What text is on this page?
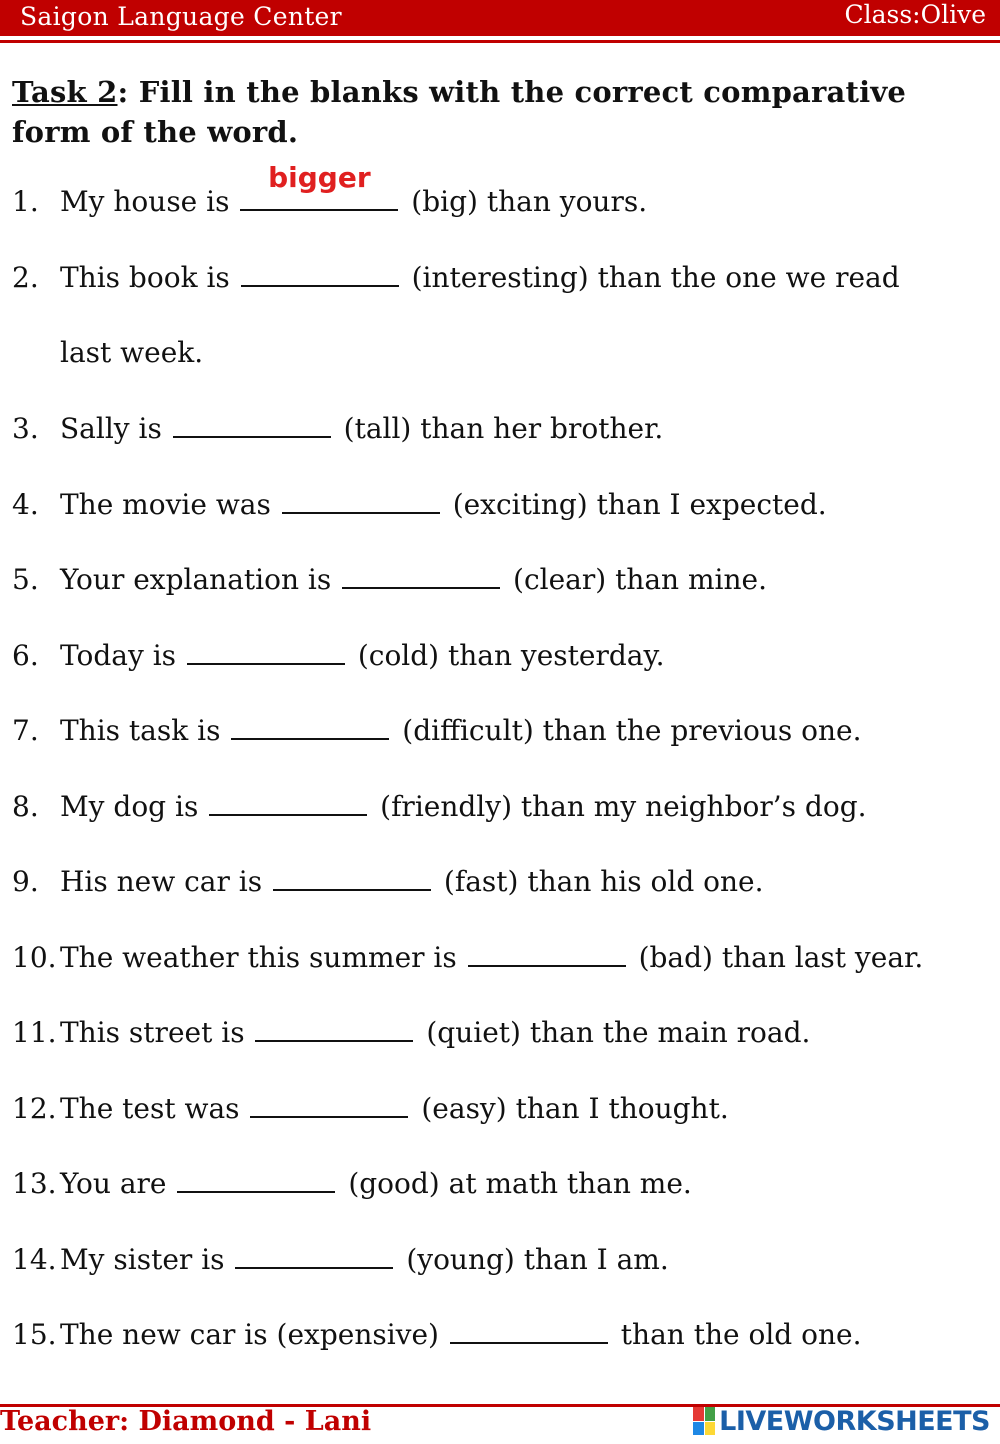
Saigon Language Center	Class:Olive
Task 2: Fill in the blanks with the correct comparative form of the word.
1. My house is
bigger
(big) than yours.
2. This book is	(interesting) than the one we read
last week.
3. Sally is	(tall) than her brother.
4. The movie was	(exciting) than I expected.
5. Your explanation is	(clear) than mine.
6. Today is	(cold) than yesterday.
7. This task is	(difficult) than the previous one.
8. My dog is	(friendly) than my neighbor’s dog.
9. His new car is	(fast) than his old one.
10. The weather this summer is	(bad) than last year.
11. This street is	(quiet) than the main road.
12. The test was	(easy) than I thought.
13. You are	(good) at math than me.
14. My sister is	(young) than I am.
15. The new car is (expensive)	than the old one.
Teacher: Diamond - Lani	LIVEWORKSHEETS
